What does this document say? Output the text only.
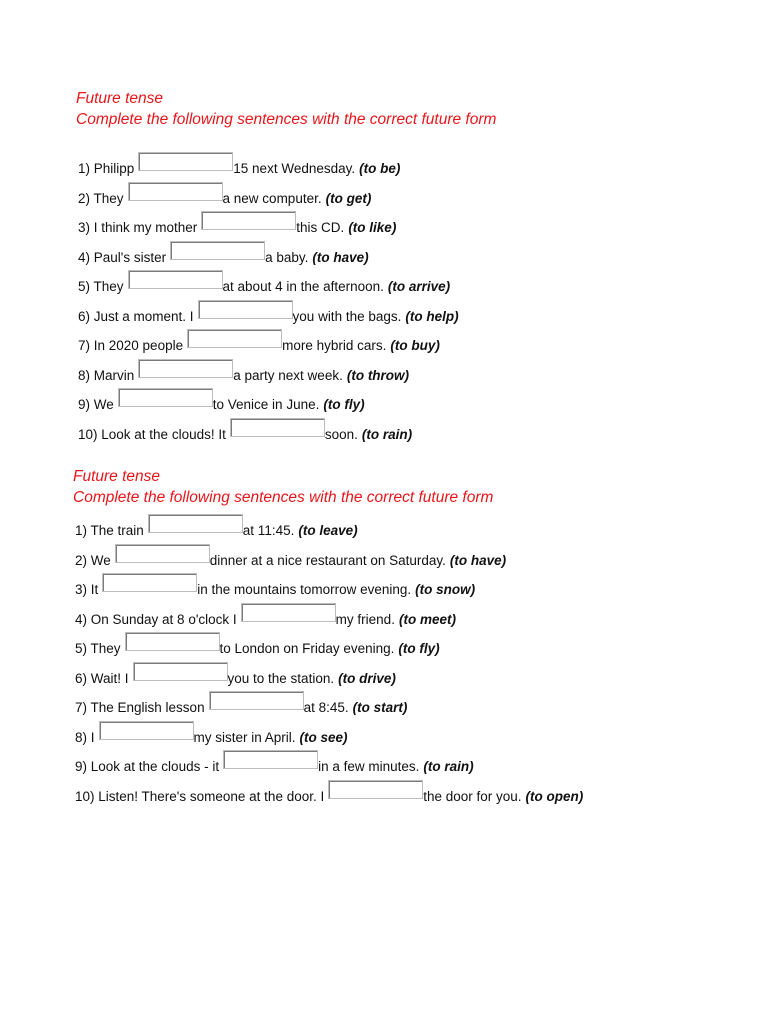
Future tense
Complete the following sentences with the correct future form
1) Philipp	15 next Wednesday. (to be)
2) They	a new computer. (to get)
3) I think my mother	this CD. (to like)
4) Paul's sister	a baby. (to have)
5) They	at about 4 in the afternoon. (to arrive)
6) Just a moment. I	you with the bags. (to help)
7) In 2020 people	more hybrid cars. (to buy)
8) Marvin	a party next week. (to throw)
9) We	to Venice in June. (to fly)
10) Look at the clouds! It	soon. (to rain)
Future tense
Complete the following sentences with the correct future form
1) The train	at 11:45. (to leave)
2) We	dinner at a nice restaurant on Saturday. (to have)
3) It	in the mountains tomorrow evening. (to snow)
4) On Sunday at 8 o'clock I	my friend. (to meet)
5) They	to London on Friday evening. (to fly)
6) Wait! I	you to the station. (to drive)
7) The English lesson	at 8:45. (to start)
8) I	my sister in April. (to see)
9) Look at the clouds - it	in a few minutes. (to rain)
10) Listen! There's someone at the door. I	the door for you. (to open)
